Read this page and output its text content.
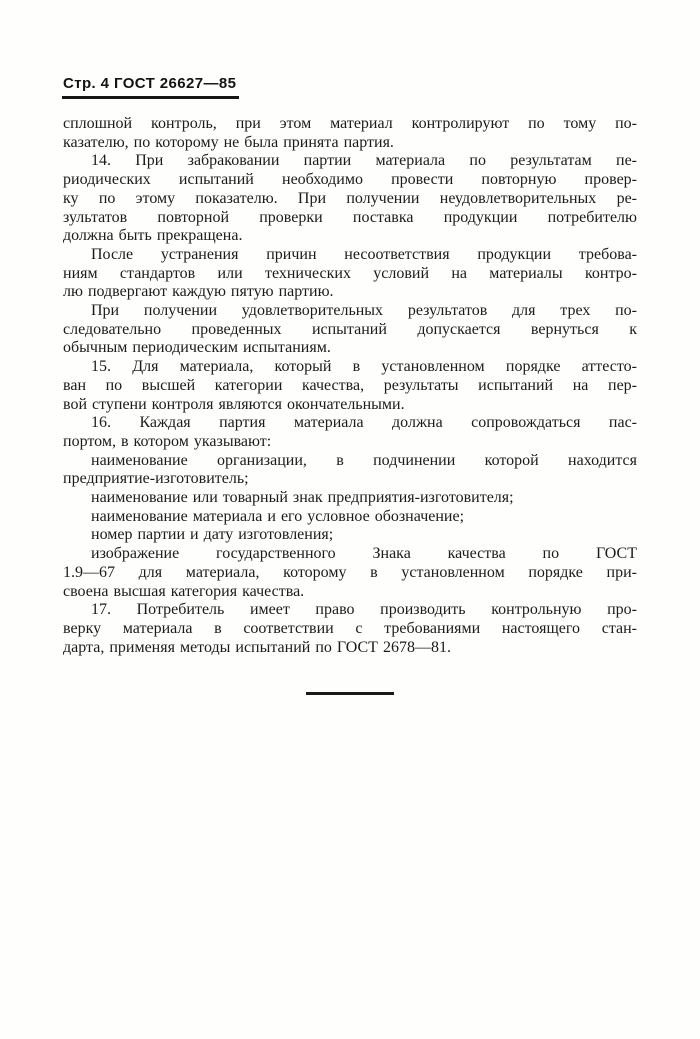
Стр. 4 ГОСТ 26627—85
сплошной контроль, при этом материал контролируют по тому по-
казателю, по которому не была принята партия.
14. При забраковании партии материала по результатам пе-
риодических испытаний необходимо провести повторную провер-
ку по этому показателю. При получении неудовлетворительных ре-
зультатов повторной проверки поставка продукции потребителю
должна быть прекращена.
После устранения причин несоответствия продукции требова-
ниям стандартов или технических условий на материалы контро-
лю подвергают каждую пятую партию.
При получении удовлетворительных результатов для трех по-
следовательно проведенных испытаний допускается вернуться к
обычным периодическим испытаниям.
15. Для материала, который в установленном порядке аттесто-
ван по высшей категории качества, результаты испытаний на пер-
вой ступени контроля являются окончательными.
16. Каждая партия материала должна сопровождаться пас-
портом, в котором указывают:
наименование организации, в подчинении которой находится
предприятие-изготовитель;
наименование или товарный знак предприятия-изготовителя;
наименование материала и его условное обозначение;
номер партии и дату изготовления;
изображение государственного Знака качества по ГОСТ
1.9—67 для материала, которому в установленном порядке при-
своена высшая категория качества.
17. Потребитель имеет право производить контрольную про-
верку материала в соответствии с требованиями настоящего стан-
дарта, применяя методы испытаний по ГОСТ 2678—81.
